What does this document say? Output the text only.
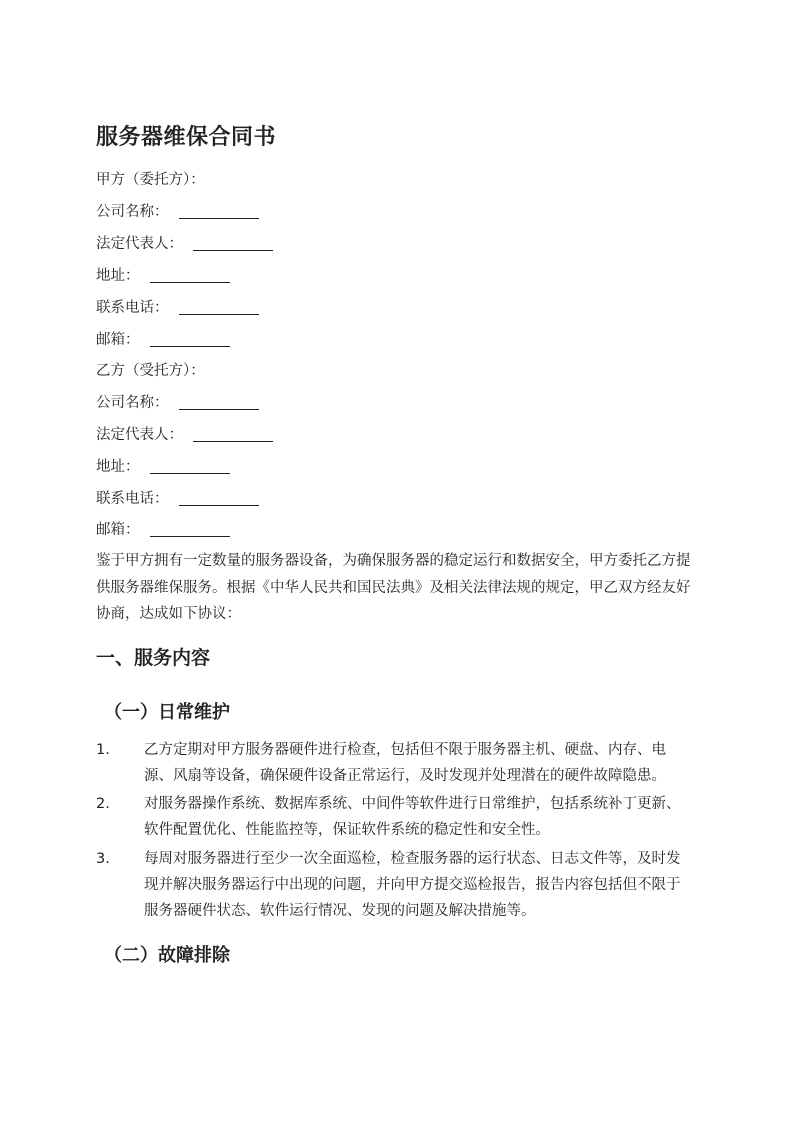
服务器维保合同书
甲方（委托方）：
公司名称：
法定代表人：
地址：
联系电话：
邮箱：
乙方（受托方）：
公司名称：
法定代表人：
地址：
联系电话：
邮箱：

鉴于甲方拥有一定数量的服务器设备，为确保服务器的稳定运行和数据安全，甲方委托乙方提

供服务器维保服务。根据《中华人民共和国民法典》及相关法律法规的规定，甲乙双方经友好

协商，达成如下协议：

一、服务内容
（一）日常维护
1. 乙方定期对甲方服务器硬件进行检查，包括但不限于服务器主机、硬盘、内存、电

源、风扇等设备，确保硬件设备正常运行，及时发现并处理潜在的硬件故障隐患。

2. 对服务器操作系统、数据库系统、中间件等软件进行日常维护，包括系统补丁更新、

软件配置优化、性能监控等，保证软件系统的稳定性和安全性。

3. 每周对服务器进行至少一次全面巡检，检查服务器的运行状态、日志文件等，及时发

现并解决服务器运行中出现的问题，并向甲方提交巡检报告，报告内容包括但不限于

服务器硬件状态、软件运行情况、发现的问题及解决措施等。

（二）故障排除
